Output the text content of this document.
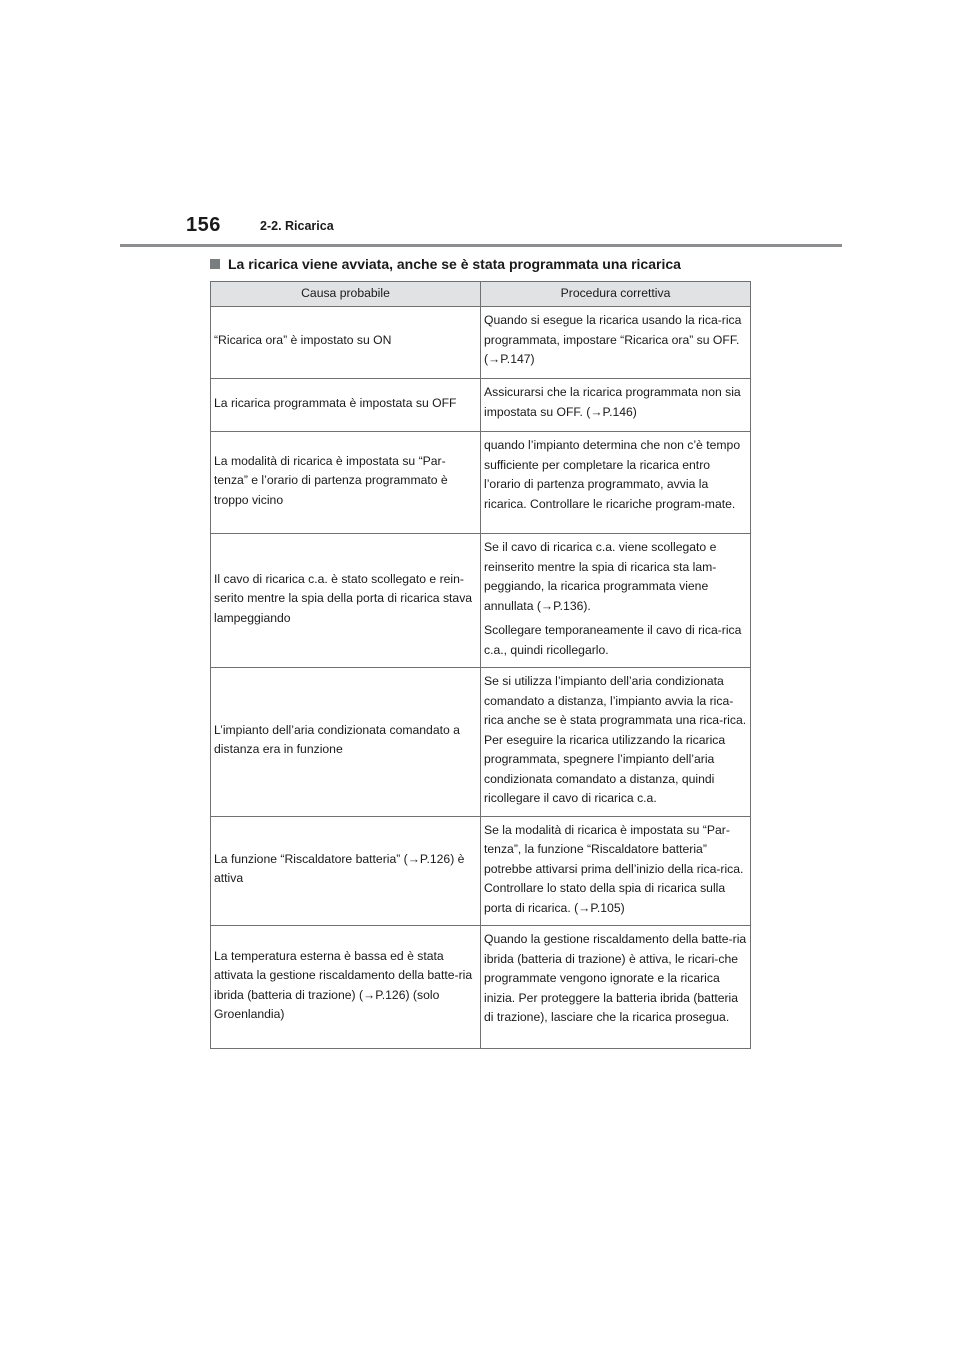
156	2-2. Ricarica
La ricarica viene avviata, anche se è stata programmata una ricarica
Causa probabile	Procedura correttiva
“Ricarica ora” è impostato su ON	Quando si esegue la ricarica usando la rica-rica programmata, impostare “Ricarica ora” su OFF. (→P.147)

La ricarica programmata è impostata su OFF	Assicurarsi che la ricarica programmata non sia impostata su OFF. (→P.146)

La modalità di ricarica è impostata su “Par-tenza” e l’orario di partenza programmato è troppo vicino	quando l’impianto determina che non c’è tempo sufficiente per completare la ricarica entro l’orario di partenza programmato, avvia la ricarica. Controllare le ricariche program-mate.

Il cavo di ricarica c.a. è stato scollegato e rein-serito mentre la spia della porta di ricarica stava lampeggiando	Se il cavo di ricarica c.a. viene scollegato e reinserito mentre la spia di ricarica sta lam-peggiando, la ricarica programmata viene annullata (→P.136).

Scollegare temporaneamente il cavo di rica-rica c.a., quindi ricollegarlo.

L’impianto dell’aria condizionata comandato a distanza era in funzione	Se si utilizza l’impianto dell’aria condizionata comandato a distanza, l’impianto avvia la rica-rica anche se è stata programmata una rica-rica. Per eseguire la ricarica utilizzando la ricarica programmata, spegnere l’impianto dell’aria condizionata comandato a distanza, quindi ricollegare il cavo di ricarica c.a.

La funzione “Riscaldatore batteria” (→P.126) è attiva	Se la modalità di ricarica è impostata su “Par-tenza”, la funzione “Riscaldatore batteria” potrebbe attivarsi prima dell’inizio della rica-rica. Controllare lo stato della spia di ricarica sulla porta di ricarica. (→P.105)

La temperatura esterna è bassa ed è stata attivata la gestione riscaldamento della batte-ria ibrida (batteria di trazione) (→P.126) (solo Groenlandia)	Quando la gestione riscaldamento della batte-ria ibrida (batteria di trazione) è attiva, le ricari-che programmate vengono ignorate e la ricarica inizia. Per proteggere la batteria ibrida (batteria di trazione), lasciare che la ricarica prosegua.
